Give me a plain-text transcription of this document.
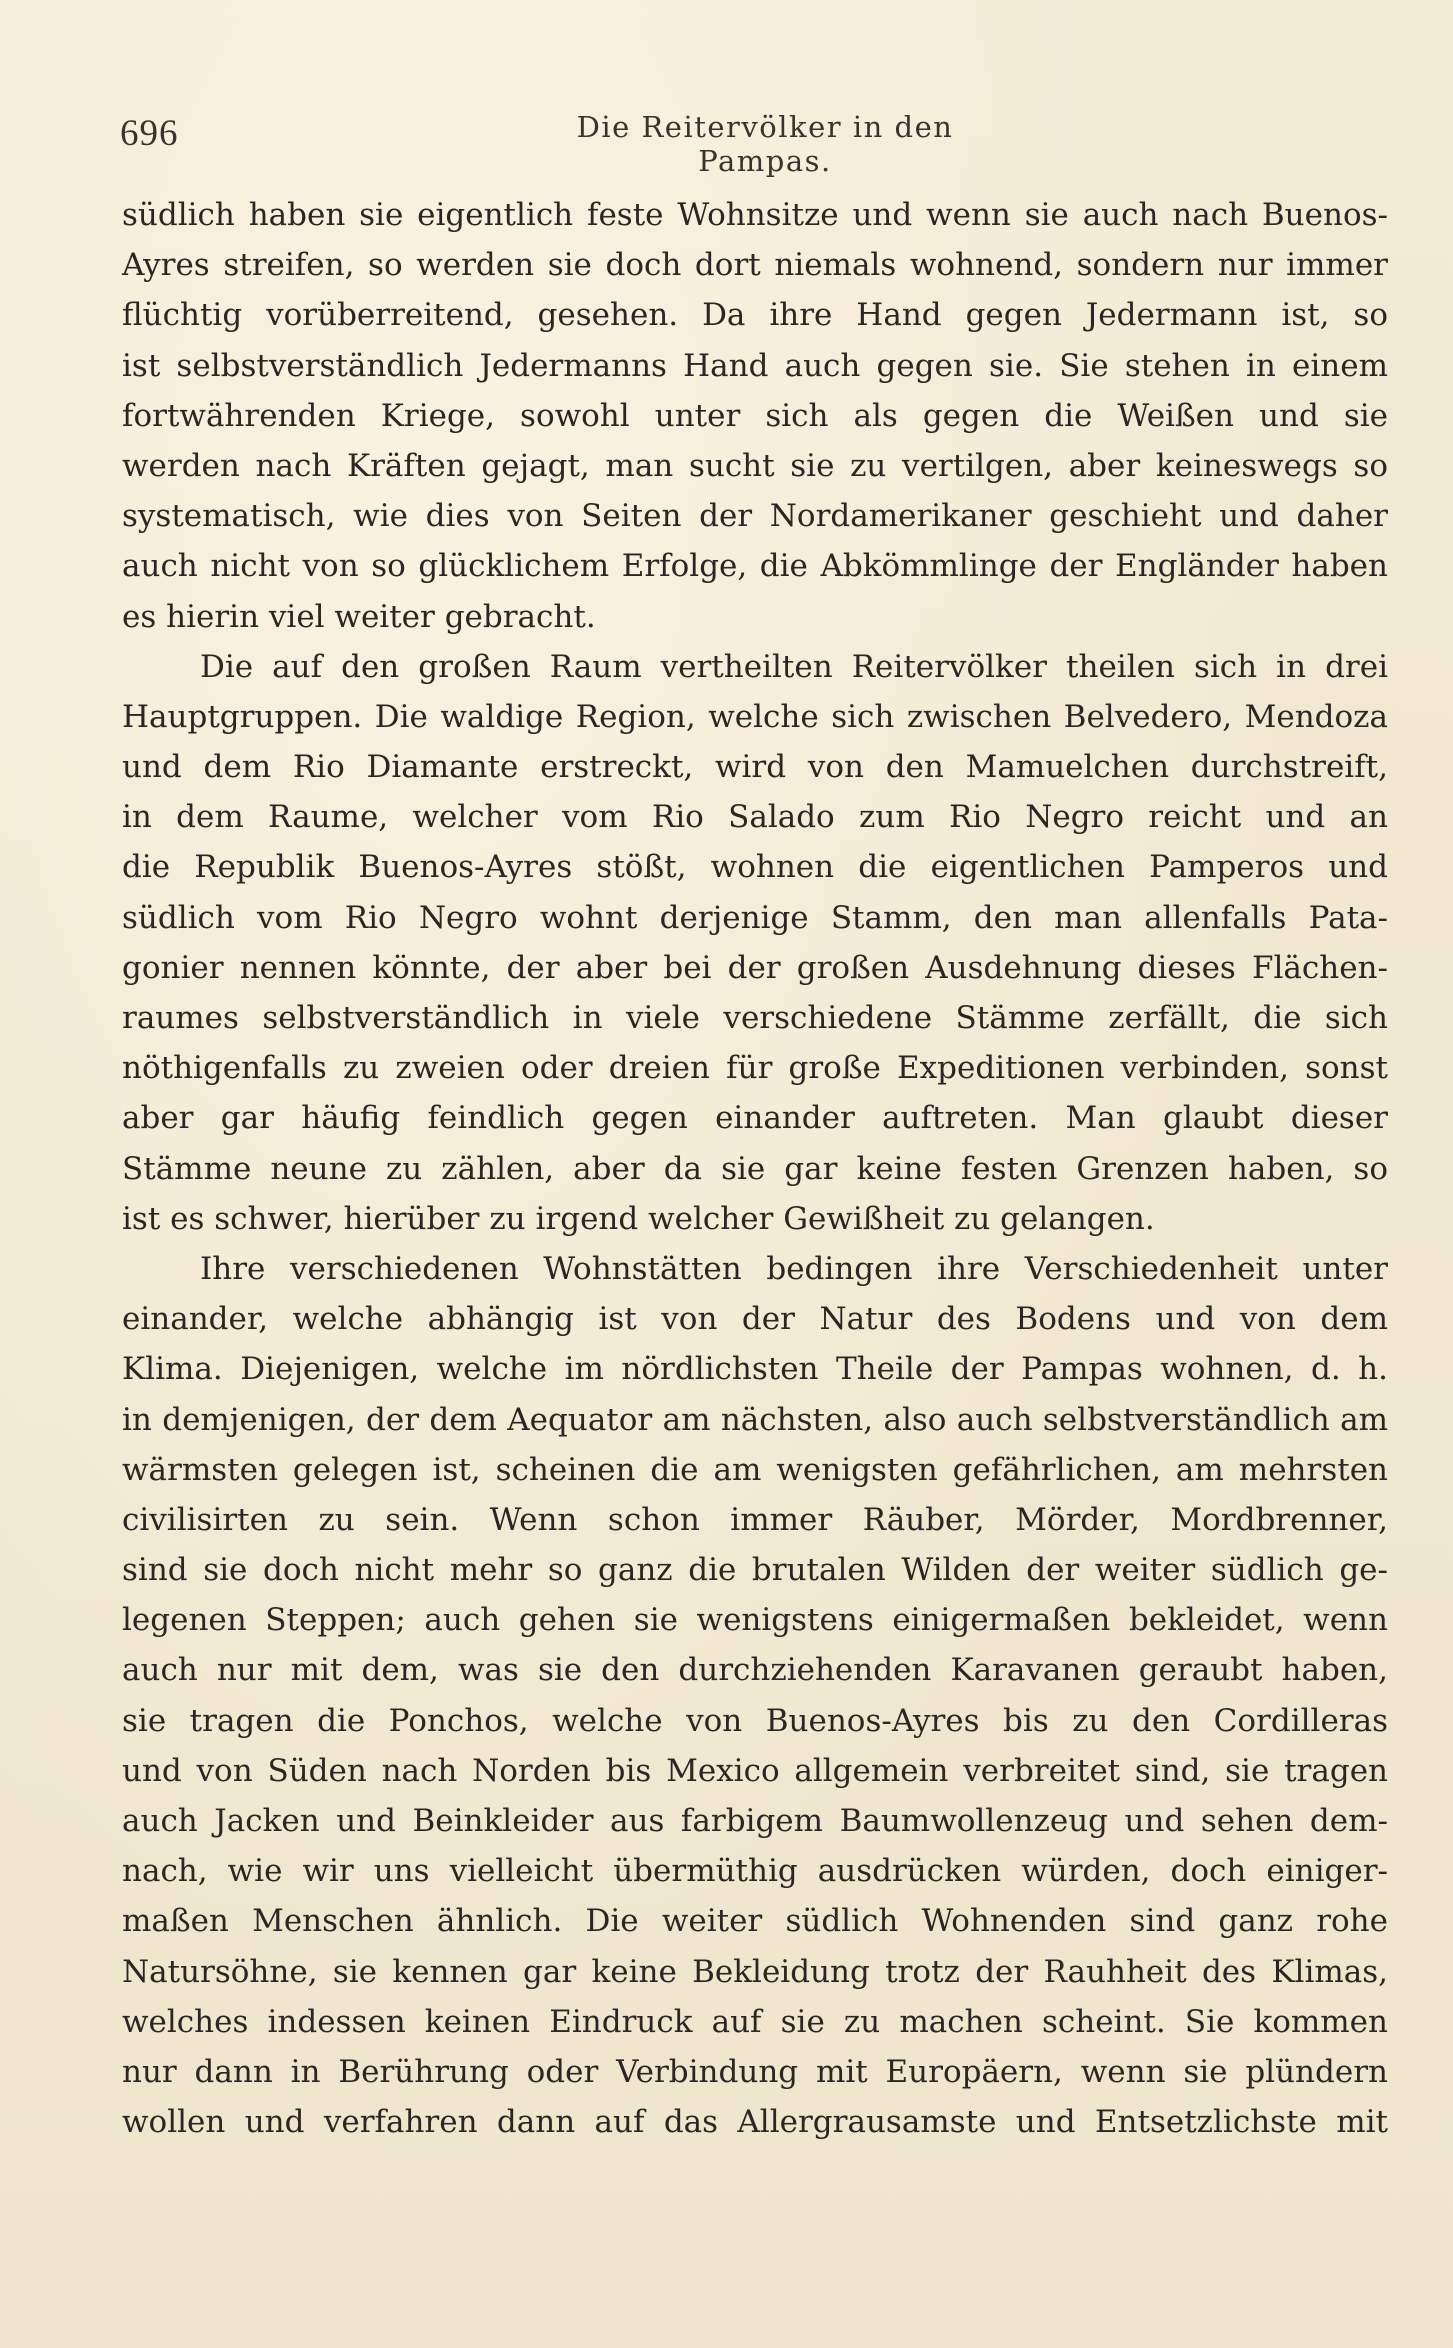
696	Die Reitervölker in den Pampas.
südlich haben sie eigentlich feste Wohnsitze und wenn sie auch nach Buenos-
Ayres streifen, so werden sie doch dort niemals wohnend, sondern nur immer
flüchtig vorüberreitend, gesehen. Da ihre Hand gegen Jedermann ist, so
ist selbstverständlich Jedermanns Hand auch gegen sie. Sie stehen in einem
fortwährenden Kriege, sowohl unter sich als gegen die Weißen und sie
werden nach Kräften gejagt, man sucht sie zu vertilgen, aber keineswegs so
systematisch, wie dies von Seiten der Nordamerikaner geschieht und daher
auch nicht von so glücklichem Erfolge, die Abkömmlinge der Engländer haben
es hierin viel weiter gebracht.
Die auf den großen Raum vertheilten Reitervölker theilen sich in drei
Hauptgruppen. Die waldige Region, welche sich zwischen Belvedero, Mendoza
und dem Rio Diamante erstreckt, wird von den Mamuelchen durchstreift,
in dem Raume, welcher vom Rio Salado zum Rio Negro reicht und an
die Republik Buenos-Ayres stößt, wohnen die eigentlichen Pamperos und
südlich vom Rio Negro wohnt derjenige Stamm, den man allenfalls Pata-
gonier nennen könnte, der aber bei der großen Ausdehnung dieses Flächen-
raumes selbstverständlich in viele verschiedene Stämme zerfällt, die sich
nöthigenfalls zu zweien oder dreien für große Expeditionen verbinden, sonst
aber gar häufig feindlich gegen einander auftreten. Man glaubt dieser
Stämme neune zu zählen, aber da sie gar keine festen Grenzen haben, so
ist es schwer, hierüber zu irgend welcher Gewißheit zu gelangen.
Ihre verschiedenen Wohnstätten bedingen ihre Verschiedenheit unter
einander, welche abhängig ist von der Natur des Bodens und von dem
Klima. Diejenigen, welche im nördlichsten Theile der Pampas wohnen, d. h.
in demjenigen, der dem Aequator am nächsten, also auch selbstverständlich am
wärmsten gelegen ist, scheinen die am wenigsten gefährlichen, am mehrsten
civilisirten zu sein. Wenn schon immer Räuber, Mörder, Mordbrenner,
sind sie doch nicht mehr so ganz die brutalen Wilden der weiter südlich ge-
legenen Steppen; auch gehen sie wenigstens einigermaßen bekleidet, wenn
auch nur mit dem, was sie den durchziehenden Karavanen geraubt haben,
sie tragen die Ponchos, welche von Buenos-Ayres bis zu den Cordilleras
und von Süden nach Norden bis Mexico allgemein verbreitet sind, sie tragen
auch Jacken und Beinkleider aus farbigem Baumwollenzeug und sehen dem-
nach, wie wir uns vielleicht übermüthig ausdrücken würden, doch einiger-
maßen Menschen ähnlich. Die weiter südlich Wohnenden sind ganz rohe
Natursöhne, sie kennen gar keine Bekleidung trotz der Rauhheit des Klimas,
welches indessen keinen Eindruck auf sie zu machen scheint. Sie kommen
nur dann in Berührung oder Verbindung mit Europäern, wenn sie plündern
wollen und verfahren dann auf das Allergrausamste und Entsetzlichste mit
